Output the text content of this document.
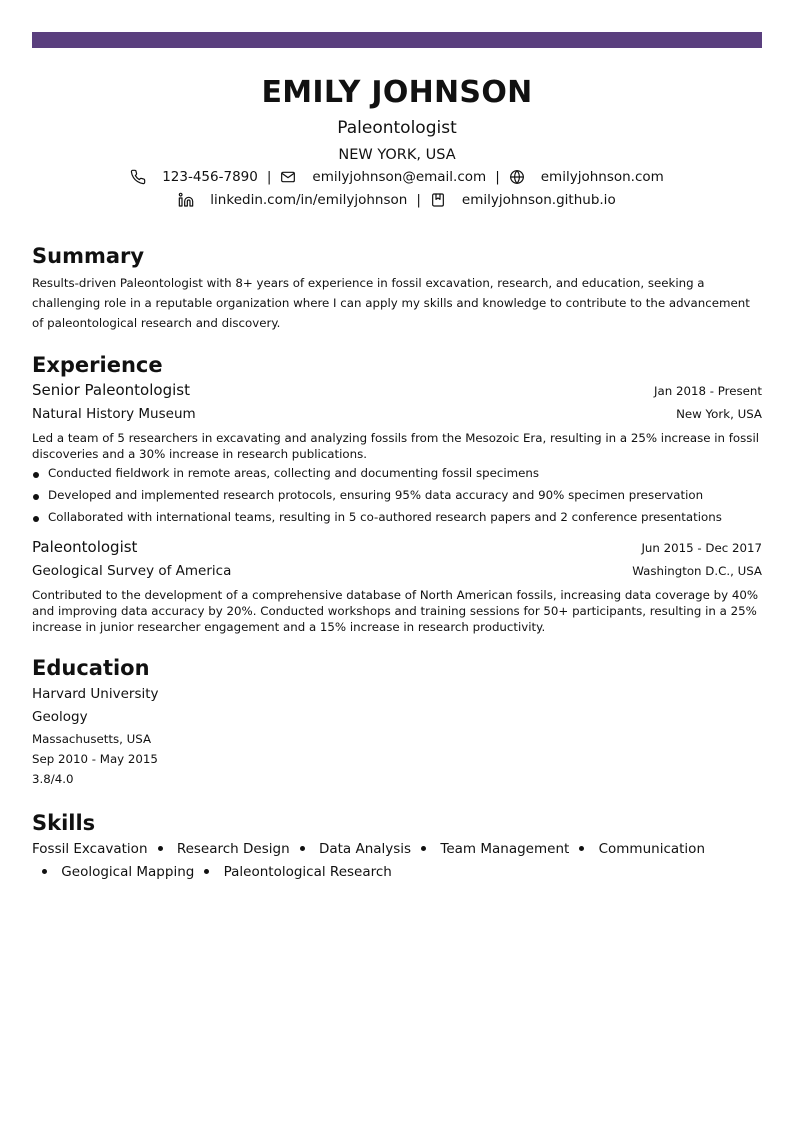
EMILY JOHNSON
Paleontologist
NEW YORK, USA
123-456-7890 |	emilyjohnson@email.com |	emilyjohnson.com
linkedin.com/in/emilyjohnson |	emilyjohnson.github.io
Summary
Results-driven Paleontologist with 8+ years of experience in fossil excavation, research, and education, seeking a challenging role in a reputable organization where I can apply my skills and knowledge to contribute to the advancement of paleontological research and discovery.
Experience
Senior Paleontologist	Jan 2018 - Present
Natural History Museum	New York, USA
Led a team of 5 researchers in excavating and analyzing fossils from the Mesozoic Era, resulting in a 25% increase in fossil discoveries and a 30% increase in research publications.
Conducted fieldwork in remote areas, collecting and documenting fossil specimens
Developed and implemented research protocols, ensuring 95% data accuracy and 90% specimen preservation
Collaborated with international teams, resulting in 5 co-authored research papers and 2 conference presentations
Paleontologist	Jun 2015 - Dec 2017
Geological Survey of America	Washington D.C., USA
Contributed to the development of a comprehensive database of North American fossils, increasing data coverage by 40% and improving data accuracy by 20%. Conducted workshops and training sessions for 50+ participants, resulting in a 25% increase in junior researcher engagement and a 15% increase in research productivity.
Education
Harvard University
Geology
Massachusetts, USA
Sep 2010 - May 2015
3.8/4.0
Skills
Fossil Excavation Research Design Data Analysis Team Management Communication Geological Mapping Paleontological Research
